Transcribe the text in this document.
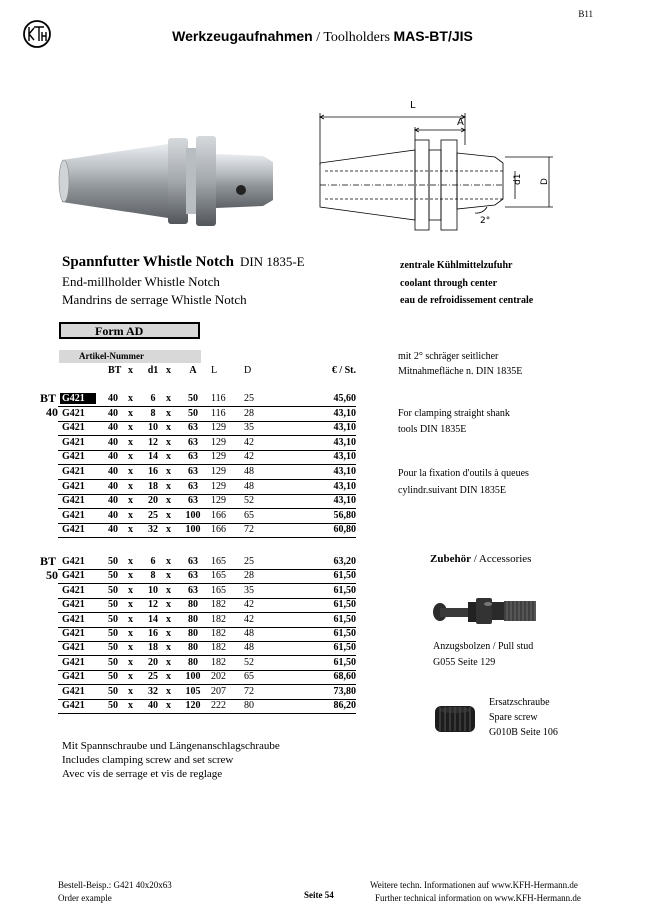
B11
Werkzeugaufnahmen / Toolholders MAS-BT/JIS
L
A
d1 D
2°
Spannfutter Whistle Notch DIN 1835-E
End-millholder Whistle Notch
Mandrins de serrage Whistle Notch
zentrale Kühlmittelzufuhr
coolant through center
eau de refroidissement centrale
Form AD
Artikel-Nummer
BT x	d1 x	A	L	D	€ / St.
BT
40
BT
50
G421	40 x	6	x	50	116 25	45,60
G421	40 x	8	x	50	116 28	43,10
G421	40 x	10 x	63	129 35	43,10
G421	40 x	12 x	63	129 42	43,10
G421	40 x	14 x	63	129 42	43,10
G421	40 x	16 x	63	129 48	43,10
G421	40 x	18 x	63	129 48	43,10
G421	40 x	20 x	63	129 52	43,10
G421	40 x	25 x	100	166 65	56,80
G421	40 x	32 x	100	166 72	60,80
G421	50 x	6	x	63	165 25	63,20
G421	50 x	8	x	63	165 28	61,50
G421	50 x	10 x	63	165 35	61,50
G421	50 x	12 x	80	182 42	61,50
G421	50 x	14 x	80	182 42	61,50
G421	50 x	16 x	80	182 48	61,50
G421	50 x	18 x	80	182 48	61,50
G421	50 x	20 x	80	182 52	61,50
G421	50 x	25 x	100	202 65	68,60
G421	50 x	32 x	105	207 72	73,80
G421	50 x	40 x	120	222 80	86,20
mit 2° schräger seitlicher
Mitnahmefläche n. DIN 1835E
For clamping straight shank
tools DIN 1835E
Pour la fixation d'outils à queues
cylindr.suivant DIN 1835E
Zubehör / Accessories
Anzugsbolzen / Pull stud
G055 Seite 129
Ersatzschraube
Spare screw
G010B Seite 106
Mit Spannschraube und Längenanschlagschraube
Includes clamping screw and set screw
Avec vis de serrage et vis de reglage
Bestell-Beisp.: G421 40x20x63
Order example	Seite 54
Weitere techn. Informationen auf www.KFH-Hermann.de
Further technical information on www.KFH-Hermann.de
